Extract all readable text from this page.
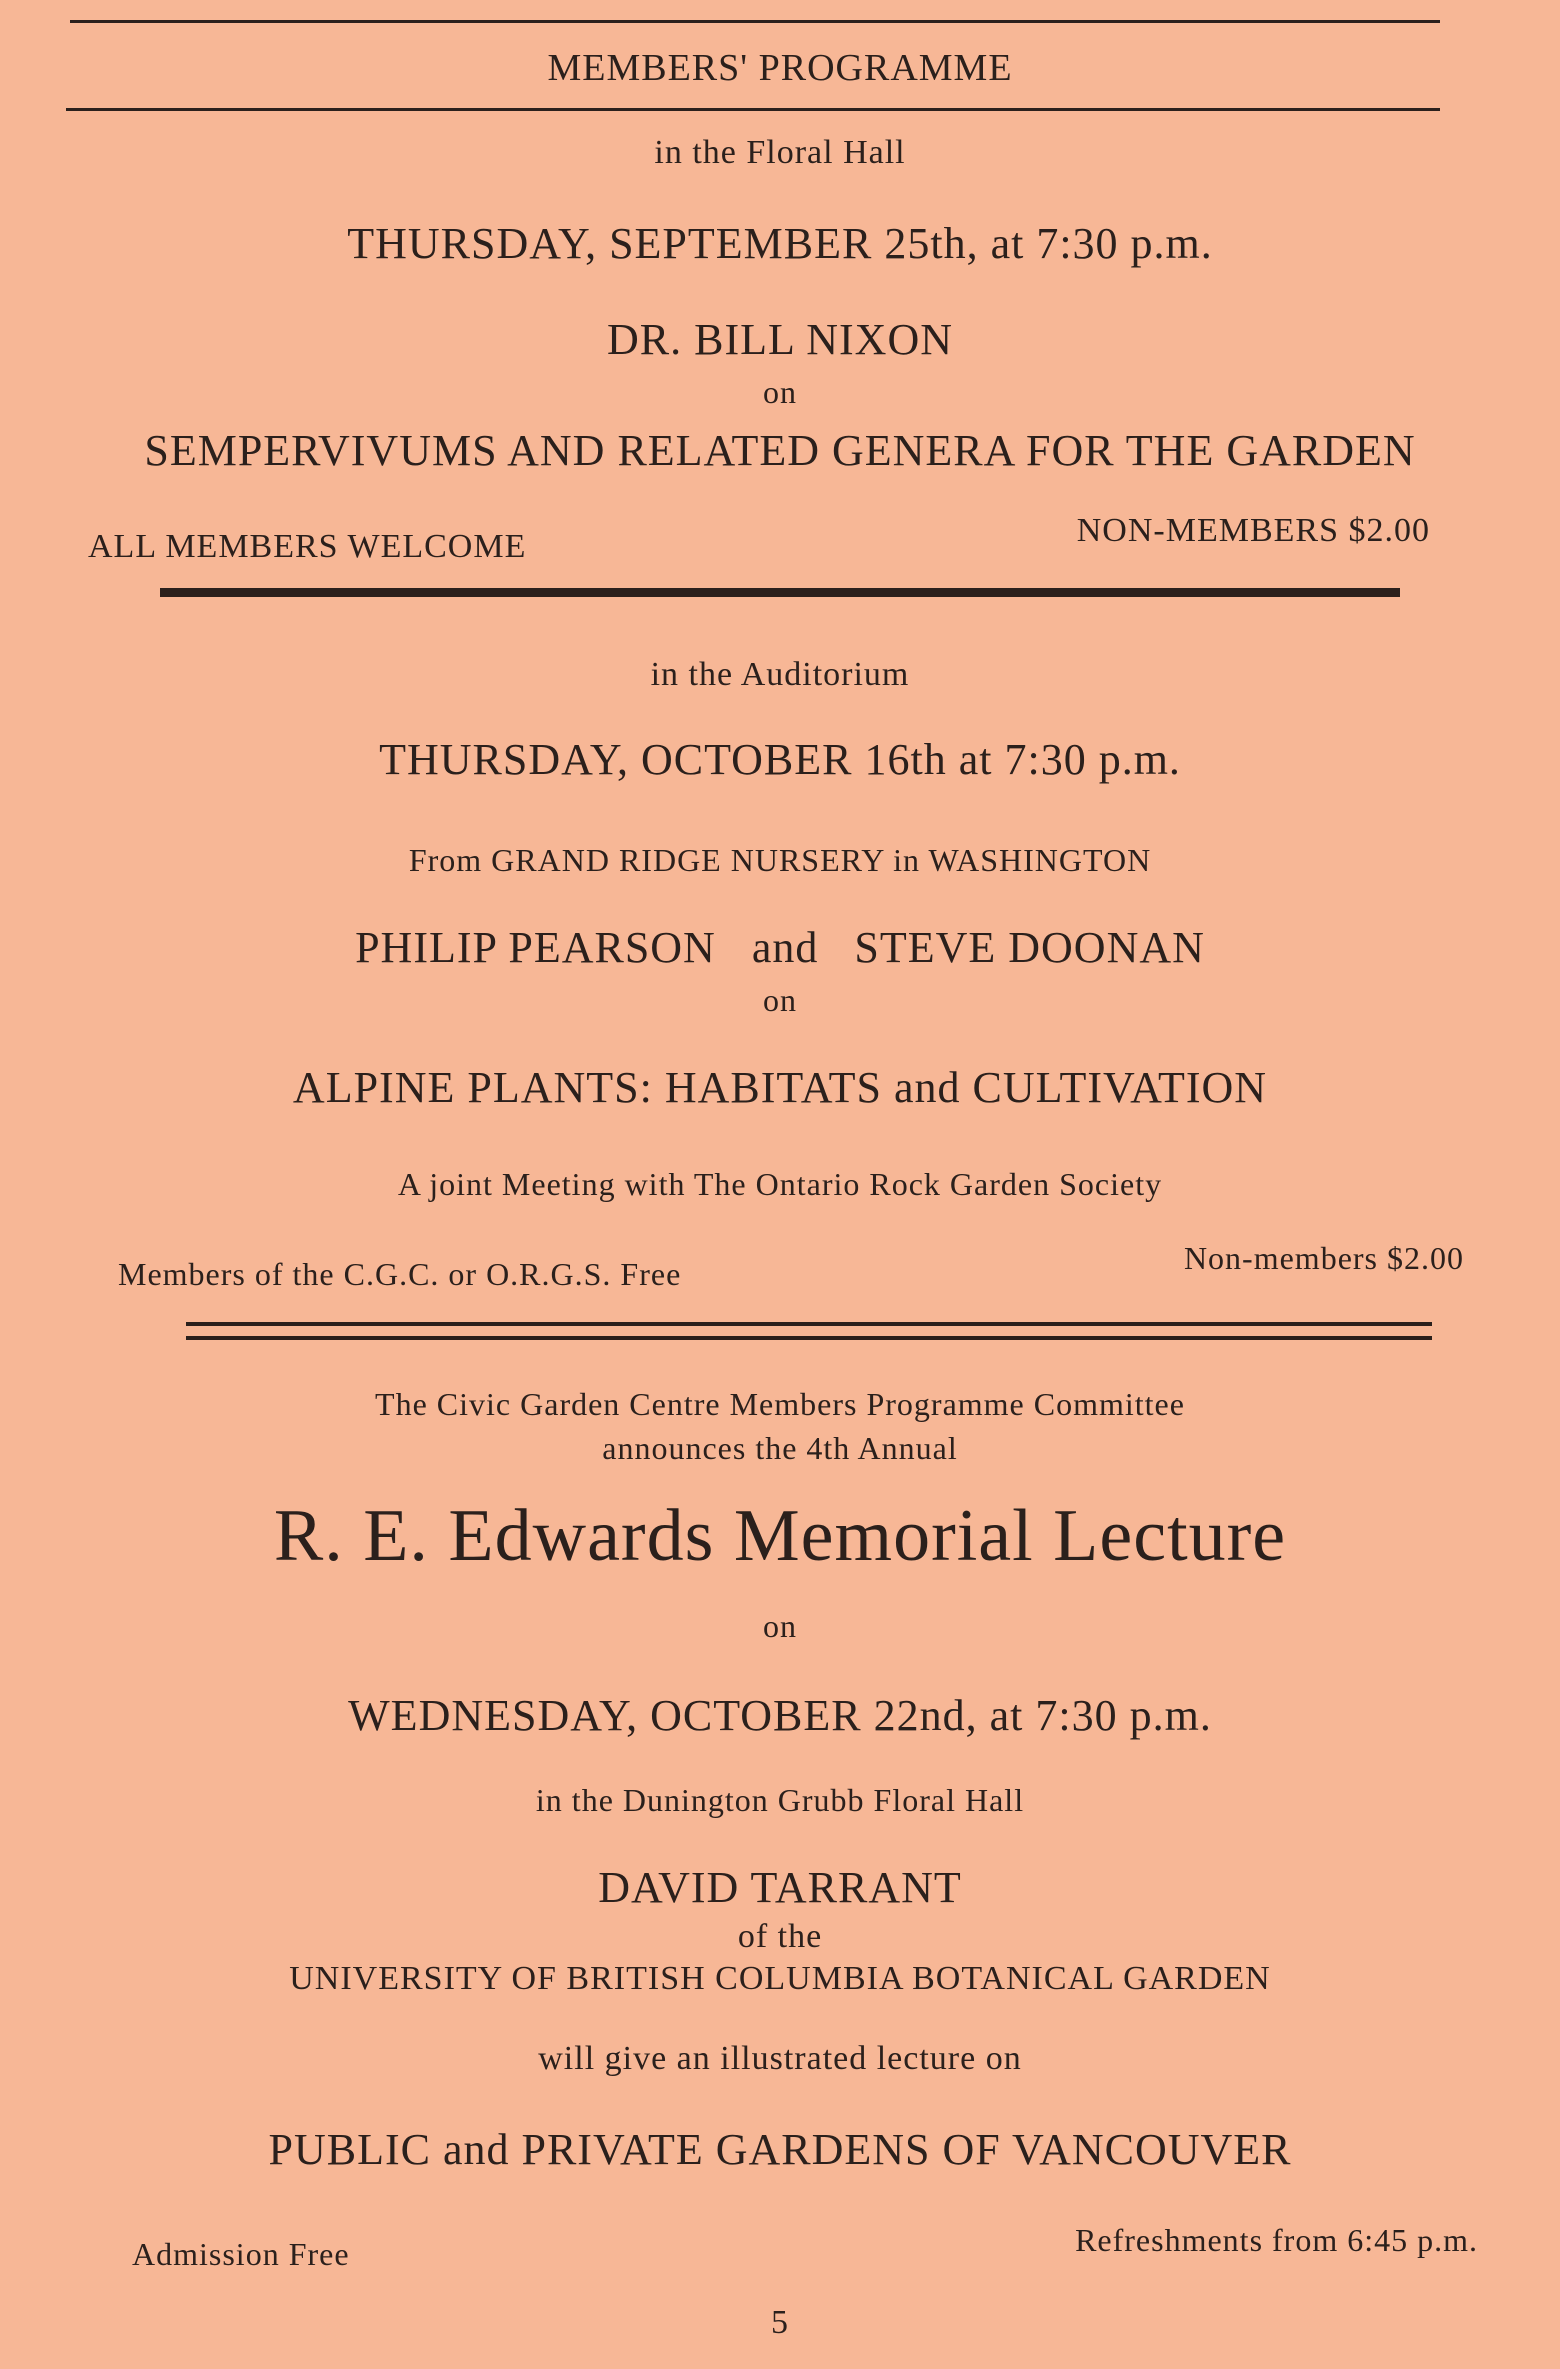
MEMBERS' PROGRAMME
in the Floral Hall
THURSDAY, SEPTEMBER 25th, at 7:30 p.m.
DR. BILL NIXON
on
SEMPERVIVUMS AND RELATED GENERA FOR THE GARDEN
ALL MEMBERS WELCOME	NON-MEMBERS $2.00
in the Auditorium
THURSDAY, OCTOBER 16th at 7:30 p.m.
From GRAND RIDGE NURSERY in WASHINGTON
PHILIP PEARSON   and   STEVE DOONAN
on
ALPINE PLANTS: HABITATS and CULTIVATION
A joint Meeting with The Ontario Rock Garden Society
Members of the C.G.C. or O.R.G.S. Free	Non-members $2.00
The Civic Garden Centre Members Programme Committee
announces the 4th Annual
R. E. Edwards Memorial Lecture
on
WEDNESDAY, OCTOBER 22nd, at 7:30 p.m.
in the Dunington Grubb Floral Hall
DAVID TARRANT
of the
UNIVERSITY OF BRITISH COLUMBIA BOTANICAL GARDEN
will give an illustrated lecture on
PUBLIC and PRIVATE GARDENS OF VANCOUVER
Admission Free	Refreshments from 6:45 p.m.
5
